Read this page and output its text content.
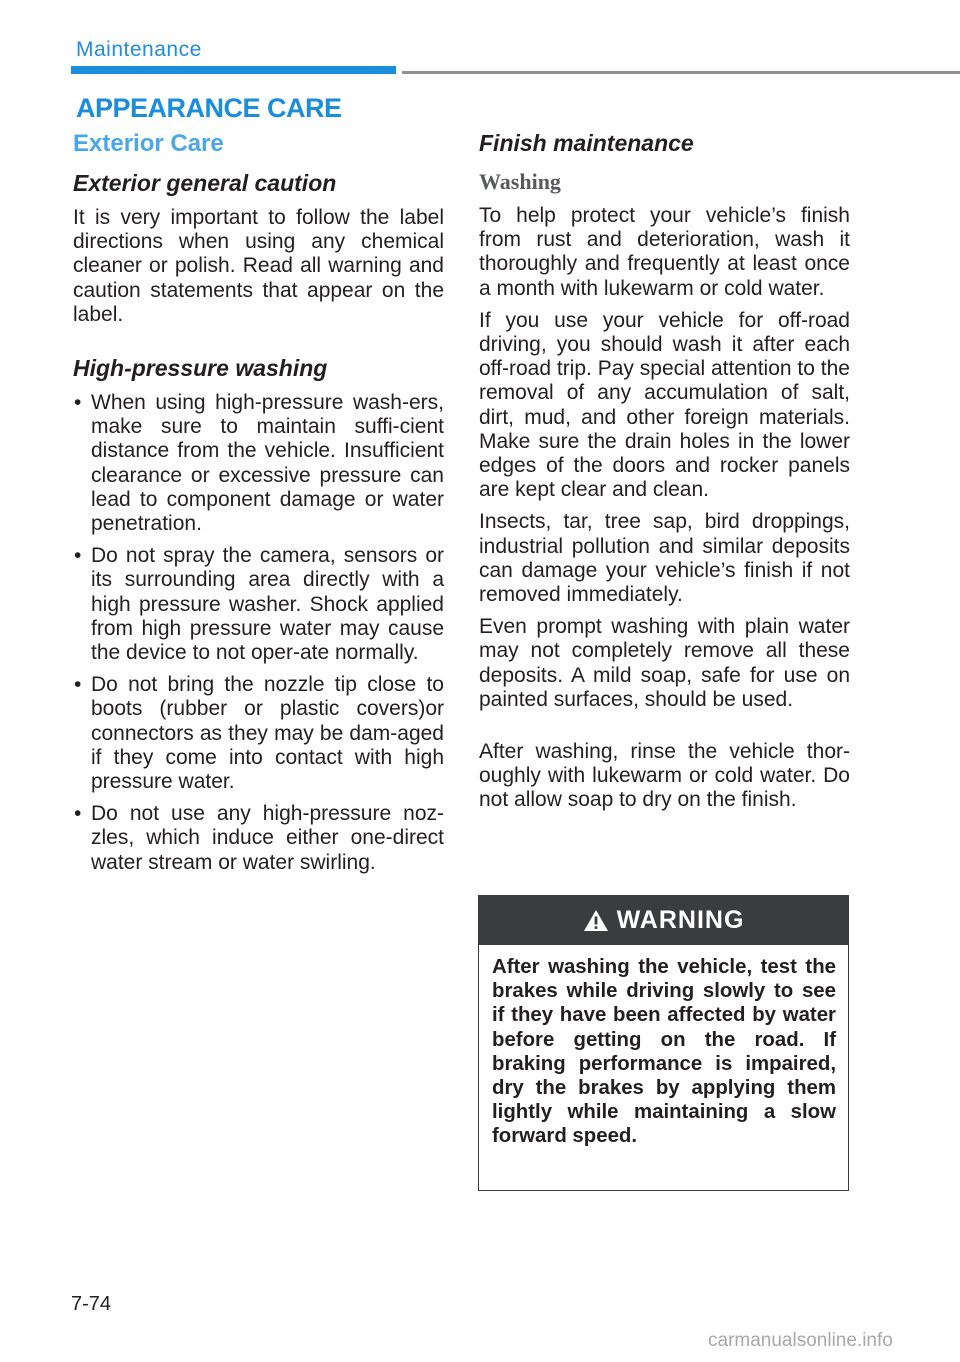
Maintenance
APPEARANCE CARE
Exterior Care
Exterior general caution

It is very important to follow the label directions when using any chemical cleaner or polish. Read all warning and caution statements that appear on the label.

High-pressure washing
• When using high-pressure wash-ers, make sure to maintain suffi-cient distance from the vehicle. Insufficient clearance or excessive pressure can lead to component damage or water penetration.
• Do not spray the camera, sensors or its surrounding area directly with a high pressure washer. Shock applied from high pressure water may cause the device to not oper-ate normally.
• Do not bring the nozzle tip close to boots (rubber or plastic covers)or connectors as they may be dam-aged if they come into contact with high pressure water.
• Do not use any high-pressure noz-zles, which induce either one-direct water stream or water swirling.
Finish maintenance
Washing

To help protect your vehicle’s finish from rust and deterioration, wash it thoroughly and frequently at least once a month with lukewarm or cold water.

If you use your vehicle for off-road driving, you should wash it after each off-road trip. Pay special attention to the removal of any accumulation of salt, dirt, mud, and other foreign materials. Make sure the drain holes in the lower edges of the doors and rocker panels are kept clear and clean.

Insects, tar, tree sap, bird droppings, industrial pollution and similar deposits can damage your vehicle’s finish if not removed immediately.

Even prompt washing with plain water may not completely remove all these deposits. A mild soap, safe for use on painted surfaces, should be used.

After washing, rinse the vehicle thor-oughly with lukewarm or cold water. Do not allow soap to dry on the finish.

WARNING
After washing the vehicle, test the brakes while driving slowly to see if they have been affected by water before getting on the road. If braking performance is impaired, dry the brakes by applying them lightly while maintaining a slow forward speed.
7-74
carmanualsonline.info
